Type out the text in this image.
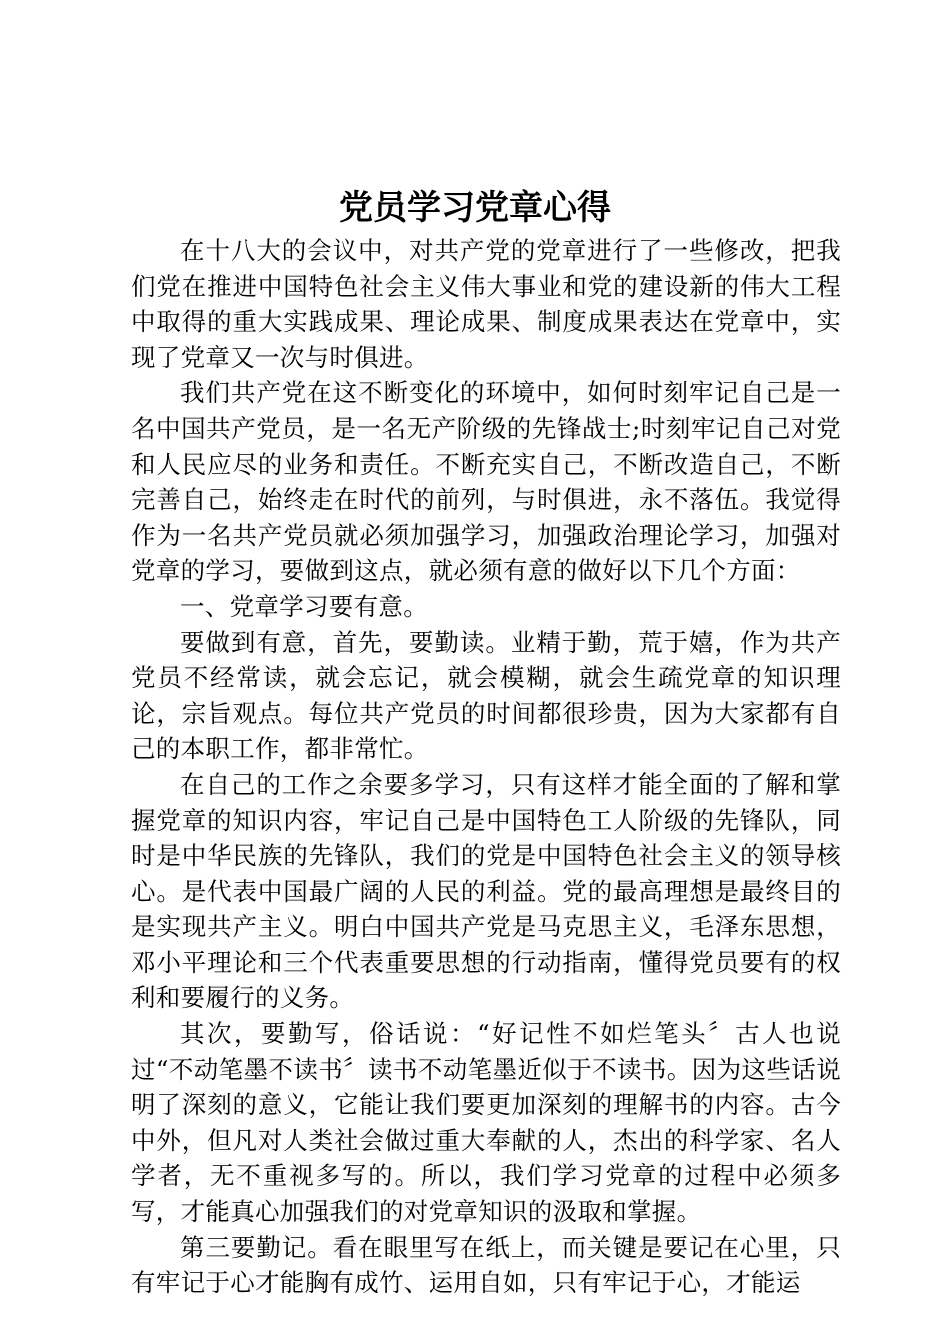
党员学习党章心得

在十八大的会议中，对共产党的党章进行了一些修改，把我们党在推进中国特色社会主义伟大事业和党的建设新的伟大工程中取得的重大实践成果、理论成果、制度成果表达在党章中，实现了党章又一次与时俱进。

我们共产党在这不断变化的环境中，如何时刻牢记自己是一名中国共产党员，是一名无产阶级的先锋战士;时刻牢记自己对党和人民应尽的业务和责任。不断充实自己，不断改造自己，不断完善自己，始终走在时代的前列，与时俱进，永不落伍。我觉得作为一名共产党员就必须加强学习，加强政治理论学习，加强对党章的学习，要做到这点，就必须有意的做好以下几个方面：

一、党章学习要有意。

要做到有意，首先，要勤读。业精于勤，荒于嬉，作为共产党员不经常读，就会忘记，就会模糊，就会生疏党章的知识理论，宗旨观点。每位共产党员的时间都很珍贵，因为大家都有自己的本职工作，都非常忙。

在自己的工作之余要多学习，只有这样才能全面的了解和掌握党章的知识内容，牢记自己是中国特色工人阶级的先锋队，同时是中华民族的先锋队，我们的党是中国特色社会主义的领导核心。是代表中国最广阔的人民的利益。党的最高理想是最终目的是实现共产主义。明白中国共产党是马克思主义，毛泽东思想，邓小平理论和三个代表重要思想的行动指南，懂得党员要有的权利和要履行的义务。

其次，要勤写，俗话说：“好记性不如烂笔头〞古人也说过“不动笔墨不读书〞读书不动笔墨近似于不读书。因为这些话说明了深刻的意义，它能让我们要更加深刻的理解书的内容。古今中外，但凡对人类社会做过重大奉献的人，杰出的科学家、名人学者，无不重视多写的。所以，我们学习党章的过程中必须多写，才能真心加强我们的对党章知识的汲取和掌握。

第三要勤记。看在眼里写在纸上，而关键是要记在心里，只有牢记于心才能胸有成竹、运用自如，只有牢记于心，才能运
